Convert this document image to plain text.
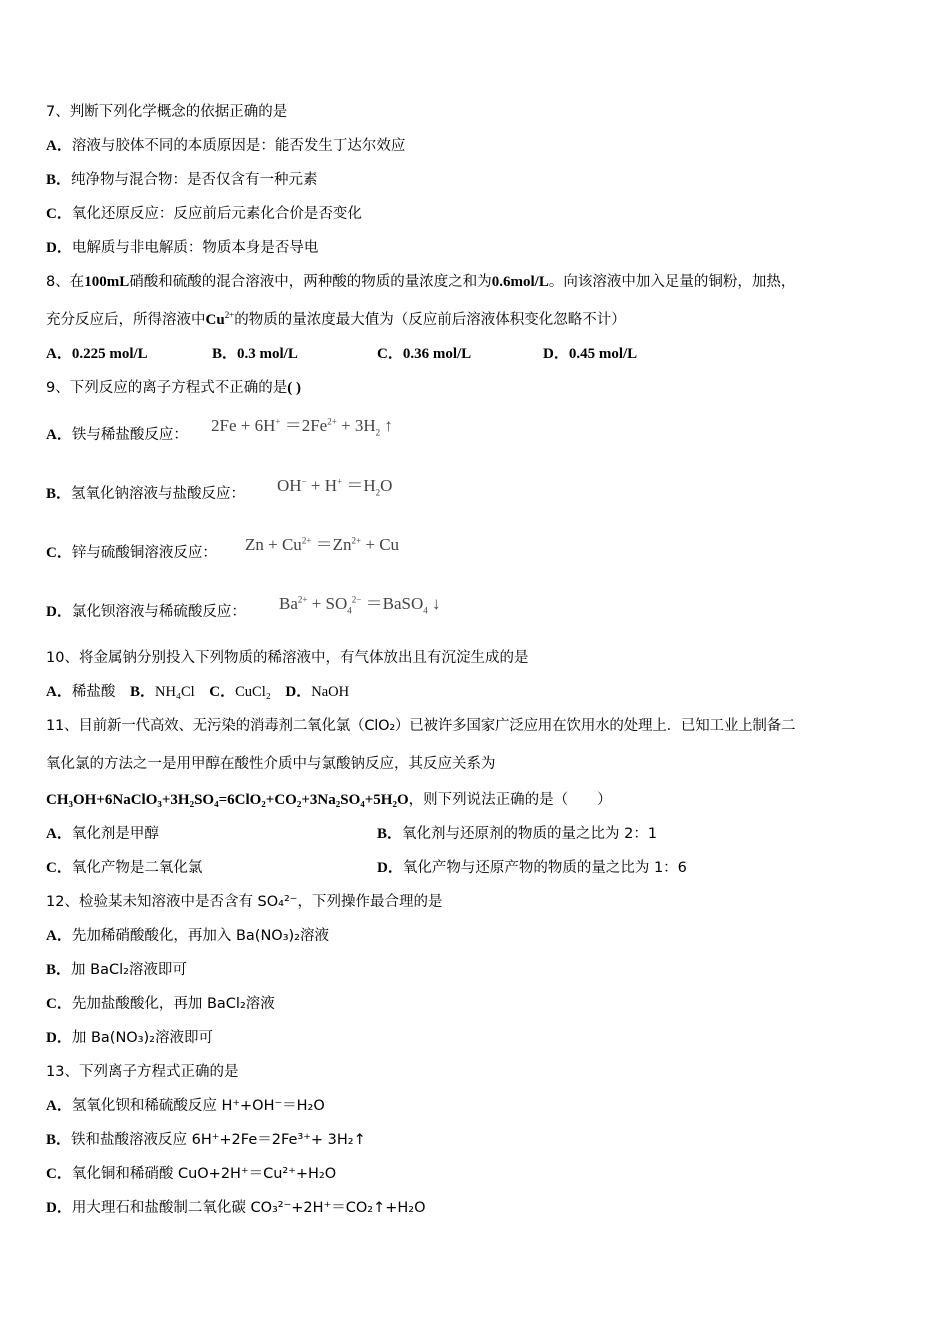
7、判断下列化学概念的依据正确的是
A．溶液与胶体不同的本质原因是：能否发生丁达尔效应
B．纯净物与混合物：是否仅含有一种元素
C．氧化还原反应：反应前后元素化合价是否变化
D．电解质与非电解质：物质本身是否导电
8、在100mL硝酸和硫酸的混合溶液中，两种酸的物质的量浓度之和为0.6mol/L。向该溶液中加入足量的铜粉，加热，
充分反应后，所得溶液中$Cu^{2+}$的物质的量浓度最大值为（反应前后溶液体积变化忽略不计）
A．0.225 mol/L	B．0.3 mol/L	C．0.36 mol/L	D．0.45 mol/L
9、下列反应的离子方程式不正确的是( )
A．铁与稀盐酸反应： $2Fe + 6H^+ =2Fe^{2+} + 3H_2$ ↑
B．氢氧化钠溶液与盐酸反应： $OH^- + H^+ =H_2O$
C．锌与硫酸铜溶液反应： $Zn + Cu^{2+} =Zn^{2+} + Cu$
D．氯化钡溶液与稀硫酸反应： $Ba^{2+} + SO_4^{2-}$ ＝BaSO$_4$ ↓
10、将金属钠分别投入下列物质的稀溶液中，有气体放出且有沉淀生成的是
A．稀盐酸 B．NH₄Cl C．CuCl₂ D．NaOH
11、目前新一代高效、无污染的消毒剂二氧化氯（ClO₂）已被许多国家广泛应用在饮用水的处理上．已知工业上制备二
氧化氯的方法之一是用甲醇在酸性介质中与氯酸钠反应，其反应关系为
CH₃OH+6NaClO₃+3H₂SO₄=6ClO₂+CO₂+3Na₂SO₄+5H₂O，则下列说法正确的是（　　）
A．氧化剂是甲醇	B．氧化剂与还原剂的物质的量之比为 2：1
C．氧化产物是二氧化氯	D．氧化产物与还原产物的物质的量之比为 1：6
12、检验某未知溶液中是否含有 SO₄²⁻，下列操作最合理的是
A．先加稀硝酸酸化，再加入 Ba(NO₃)₂溶液
B．加 BaCl₂溶液即可
C．先加盐酸酸化，再加 BaCl₂溶液
D．加 Ba(NO₃)₂溶液即可
13、下列离子方程式正确的是
A．氢氧化钡和稀硫酸反应 H⁺+OH⁻＝H₂O
B．铁和盐酸溶液反应 6H⁺+2Fe＝2Fe³⁺+ 3H₂↑
C．氧化铜和稀硝酸 CuO+2H⁺＝Cu²⁺+H₂O
D．用大理石和盐酸制二氧化碳 CO₃²⁻+2H⁺＝CO₂↑+H₂O
